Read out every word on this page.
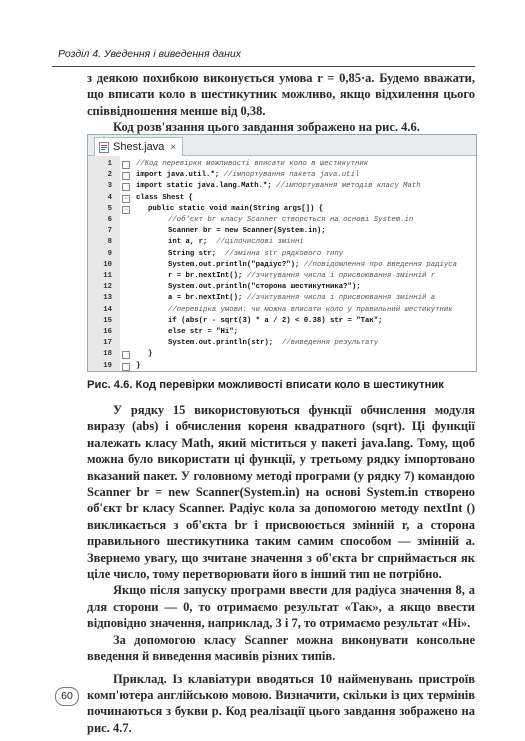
Розділ 4. Уведення і виведення даних

з деякою похибкою виконується умова r = 0,85·a. Будемо вважати, що вписати коло в шестикутник можливо, якщо відхилення цього співвідношення менше від 0,38.

Код розв'язання цього завдання зображено на рис. 4.6.

Shest.java ×
1	//Код перевірки можливості вписати коло в шестикутник
2	import java.util.*; //імпортування пакета java.util
3	import static java.lang.Math.*; //імпортування методів класу Math
4	−	class Shest {
5	−	public static void main(String args[]) {
6	//об'єкт br класу Scanner створється на основі System.in
7	Scanner br = new Scanner(System.in);
8	int a, r;  //цілочислові змінні
9	String str;  //змінна str рядкового типу
10	System.out.println("радіус?"); //повідомлення про введення радіуса
11	r = br.nextInt(); //зчитування числа і присвоювання змінній r
12	System.out.println("сторона шестикутника?");
13	a = br.nextInt(); //зчитування числа і присвоювання змінній a
14	//перевірка умови: чи можна вписати коло у правильний шестикутник
15	if (abs(r - sqrt(3) * a / 2) < 0.38) str = "Так";
16	else str = "Ні";
17	System.out.println(str);  //виведення результату
18	}
19	}
Рис. 4.6. Код перевірки можливості вписати коло в шестикутник

У рядку 15 використовуються функції обчислення модуля виразу (abs) і обчислення кореня квадратного (sqrt). Ці функції належать класу Math, який міститься у пакеті java.lang. Тому, щоб можна було використати ці функції, у третьому рядку імпортовано вказаний пакет. У головному методі програми (у рядку 7) командою Scanner br = new Scanner(System.in) на основі System.in створено об'єкт br класу Scanner. Радіус кола за допомогою методу nextInt () викликається з об'єкта br і присвоюється змінній r, а сторона правильного шестикутника таким самим способом — змінній a. Звернемо увагу, що зчитане значення з об'єкта br сприймається як ціле число, тому перетворювати його в інший тип не потрібно.

Якщо після запуску програми ввести для радіуса значення 8, а для сторони — 0, то отримаємо результат «Так», а якщо ввести відповідно значення, наприклад, 3 і 7, то отримаємо результат «Ні».

За допомогою класу Scanner можна виконувати консольне введення й виведення масивів різних типів.

Приклад. Із клавіатури вводяться 10 найменувань пристроїв комп'ютера англійською мовою. Визначити, скільки із цих термінів починаються з букви p. Код реалізації цього завдання зображено на рис. 4.7.

60
